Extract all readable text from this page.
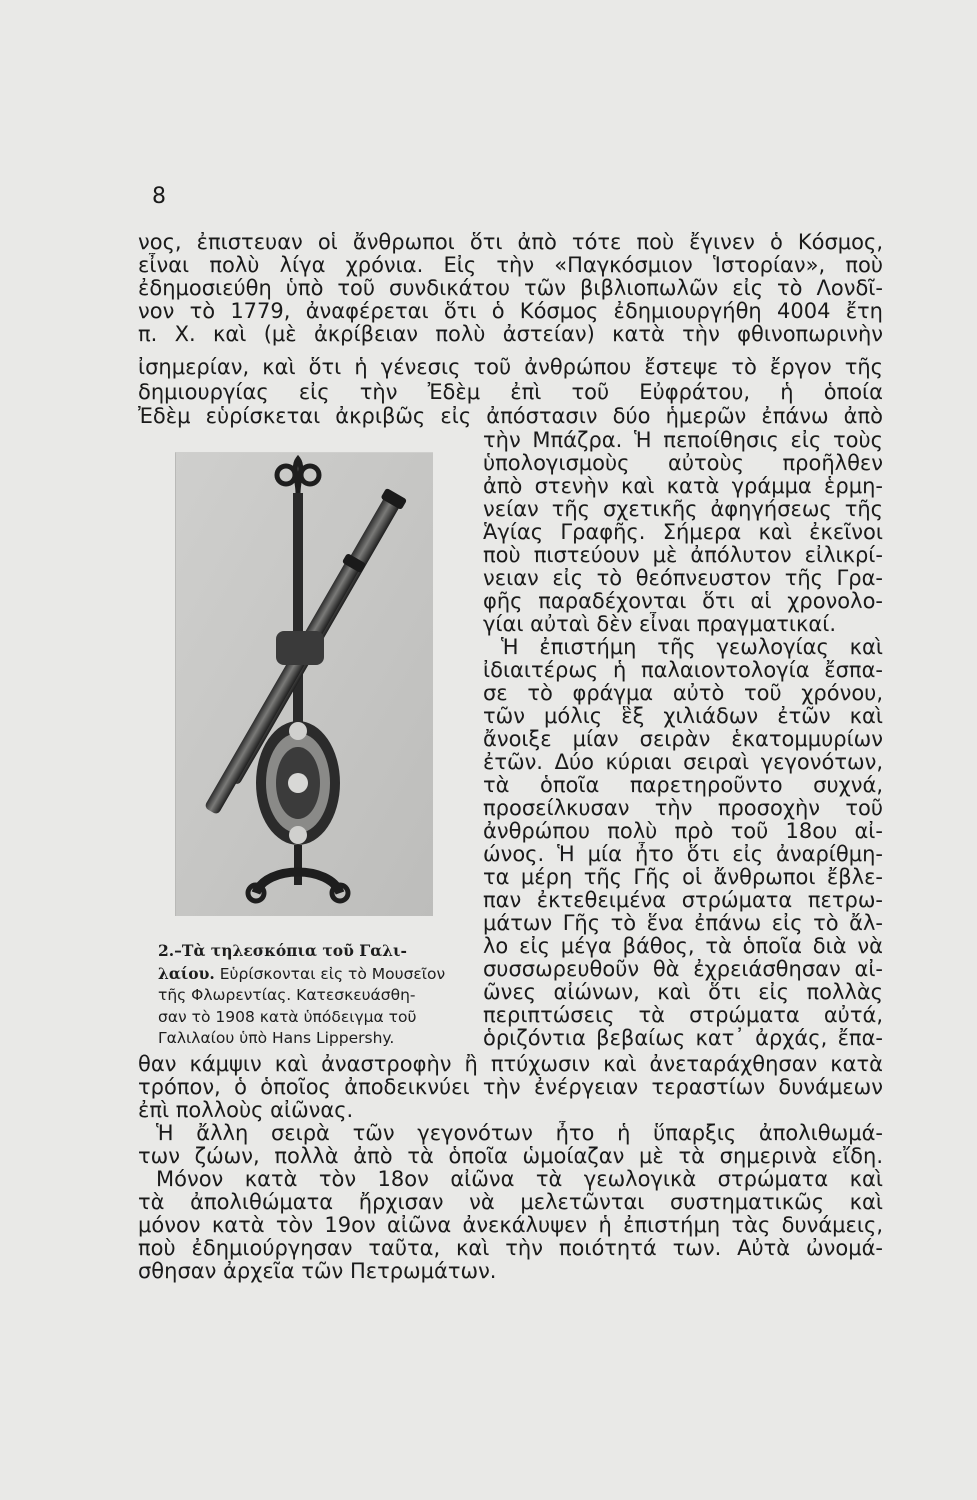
8
νος, ἐπιστευαν οἱ ἄνθρωποι ὅτι ἀπὸ τότε ποὺ ἔγινεν ὁ Κόσμος,
εἶναι πολὺ λίγα χρόνια. Εἰς τὴν «Παγκόσμιον Ἱστορίαν», ποὺ
ἐδημοσιεύθη ὑπὸ τοῦ συνδικάτου τῶν βιβλιοπωλῶν εἰς τὸ Λονδῖ-
νον τὸ 1779, ἀναφέρεται ὅτι ὁ Κόσμος ἐδημιουργήθη 4004 ἔτη
π. Χ. καὶ (μὲ ἀκρίβειαν πολὺ ἀστείαν) κατὰ τὴν φθινοπωρινὴν
ἰσημερίαν, καὶ ὅτι ἡ γένεσις τοῦ ἀνθρώπου ἔστεψε τὸ ἔργον τῆς
δημιουργίας εἰς τὴν Ἐδὲμ ἐπὶ τοῦ Εὐφράτου, ἡ ὁποία
Ἐδὲμ εὑρίσκεται ἀκριβῶς εἰς ἀπόστασιν δύο ἡμερῶν ἐπάνω ἀπὸ
2.–Τὰ τηλεσκόπια τοῦ Γαλι-
λαίου. Εὑρίσκονται εἰς τὸ Μουσεῖον
τῆς Φλωρεντίας. Κατεσκευάσθη-
σαν τὸ 1908 κατὰ ὑπόδειγμα τοῦ
Γαλιλαίου ὑπὸ Hans Lippershy.
τὴν Μπάζρα. Ἡ πεποίθησις εἰς τοὺς
ὑπολογισμοὺς αὐτοὺς προῆλθεν
ἀπὸ στενὴν καὶ κατὰ γράμμα ἑρμη-
νείαν τῆς σχετικῆς ἀφηγήσεως τῆς
Ἁγίας Γραφῆς. Σήμερα καὶ ἐκεῖνοι
ποὺ πιστεύουν μὲ ἀπόλυτον εἰλικρί-
νειαν εἰς τὸ θεόπνευστον τῆς Γρα-
φῆς παραδέχονται ὅτι αἱ χρονολο-
γίαι αὐταὶ δὲν εἶναι πραγματικαί.
Ἡ ἐπιστήμη τῆς γεωλογίας καὶ
ἰδιαιτέρως ἡ παλαιοντολογία ἔσπα-
σε τὸ φράγμα αὐτὸ τοῦ χρόνου,
τῶν μόλις ἓξ χιλιάδων ἐτῶν καὶ
ἄνοιξε μίαν σειρὰν ἑκατομμυρίων
ἐτῶν. Δύο κύριαι σειραὶ γεγονότων,
τὰ ὁποῖα παρετηροῦντο συχνά,
προσείλκυσαν τὴν προσοχὴν τοῦ
ἀνθρώπου πολὺ πρὸ τοῦ 18ου αἰ-
ώνος. Ἡ μία ἦτο ὅτι εἰς ἀναρίθμη-
τα μέρη τῆς Γῆς οἱ ἄνθρωποι ἔβλε-
παν ἐκτεθειμένα στρώματα πετρω-
μάτων Γῆς τὸ ἕνα ἐπάνω εἰς τὸ ἄλ-
λο εἰς μέγα βάθος, τὰ ὁποῖα διὰ νὰ
συσσωρευθοῦν θὰ ἐχρειάσθησαν αἰ-
ῶνες αἰώνων, καὶ ὅτι εἰς πολλὰς
περιπτώσεις τὰ στρώματα αὐτά,
ὁριζόντια βεβαίως κατ᾽ ἀρχάς, ἔπα-
θαν κάμψιν καὶ ἀναστροφὴν ἢ πτύχωσιν καὶ ἀνεταράχθησαν κατὰ
τρόπον, ὁ ὁποῖος ἀποδεικνύει τὴν ἐνέργειαν τεραστίων δυνάμεων
ἐπὶ πολλοὺς αἰῶνας.
Ἡ ἄλλη σειρὰ τῶν γεγονότων ἦτο ἡ ὕπαρξις ἀπολιθωμά-
των ζώων, πολλὰ ἀπὸ τὰ ὁποῖα ὡμοίαζαν μὲ τὰ σημερινὰ εἴδη.
Μόνον κατὰ τὸν 18ον αἰῶνα τὰ γεωλογικὰ στρώματα καὶ
τὰ ἀπολιθώματα ἤρχισαν νὰ μελετῶνται συστηματικῶς καὶ
μόνον κατὰ τὸν 19ον αἰῶνα ἀνεκάλυψεν ἡ ἐπιστήμη τὰς δυνάμεις,
ποὺ ἐδημιούργησαν ταῦτα, καὶ τὴν ποιότητά των. Αὐτὰ ὠνομά-
σθησαν ἀρχεῖα τῶν Πετρωμάτων.
